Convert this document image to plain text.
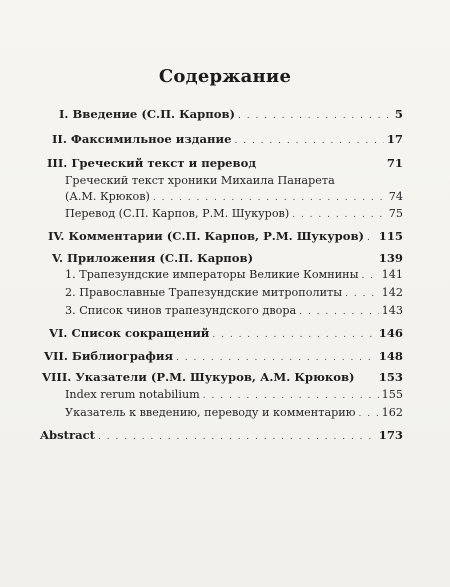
Содержание
I. Введение (С.П. Карпов) . . .	5
II. Факсимильное издание . . .	17
III. Греческий текст и перевод	71
Греческий текст хроники Михаила Панарета
(А.М. Крюков) . . .	74
Перевод (С.П. Карпов, Р.М. Шукуров) . . .	75
IV. Комментарии (С.П. Карпов, Р.М. Шукуров) . . . 115
V. Приложения (С.П. Карпов)	139
1. Трапезундские императоры Великие Комнины . . . 141
2. Православные Трапезундские митрополиты . . .	142
3. Список чинов трапезундского двора . . .	143
VI. Список сокращений . . .	146
VII. Библиография . . .	148
VIII. Указатели (Р.М. Шукуров, А.М. Крюков) 153
Index rerum notabilium . . .	155
Указатель к введению, переводу и комментарию . . . 162
Abstract . . .	173
